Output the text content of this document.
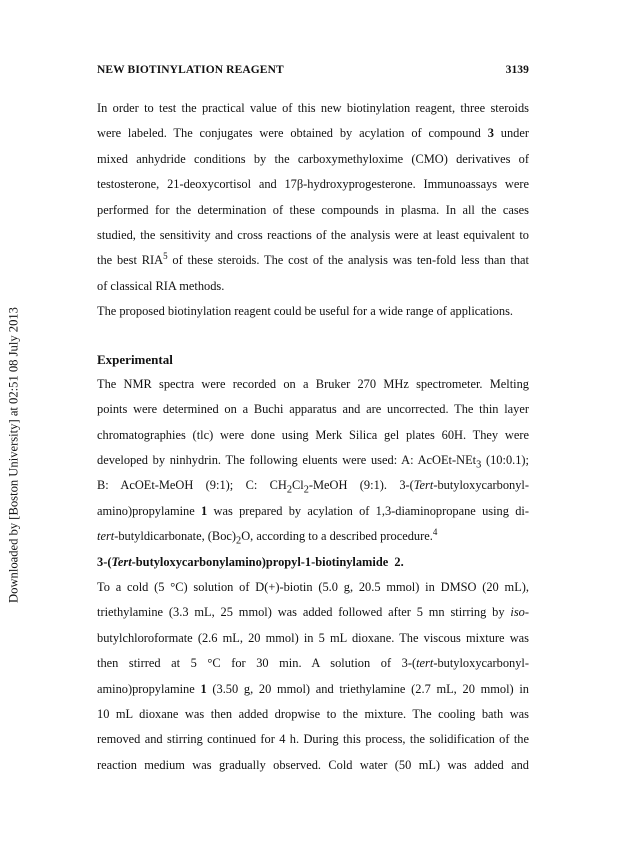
NEW BIOTINYLATION REAGENT	3139
Downloaded by [Boston University] at 02:51 08 July 2013
In order to test the practical value of this new biotinylation reagent, three steroids
were labeled. The conjugates were obtained by acylation of compound 3 under
mixed anhydride conditions by the carboxymethyloxime (CMO) derivatives of
testosterone, 21-deoxycortisol and 17β-hydroxyprogesterone. Immunoassays were
performed for the determination of these compounds in plasma. In all the cases
studied, the sensitivity and cross reactions of the analysis were at least equivalent to
the best RIA$^5$ of these steroids. The cost of the analysis was ten-fold less than that
of classical RIA methods.
The proposed biotinylation reagent could be useful for a wide range of applications.
Experimental
The NMR spectra were recorded on a Bruker 270 MHz spectrometer. Melting
points were determined on a Buchi apparatus and are uncorrected. The thin layer
chromatographies (tlc) were done using Merk Silica gel plates 60H. They were
developed by ninhydrin. The following eluents were used: A: AcOEt-NEt$_3$ (10:0.1);
B: AcOEt-MeOH (9:1); C: $CH_2Cl_2$-MeOH (9:1). 3-(Tert-butyloxycarbonyl-
amino)propylamine 1 was prepared by acylation of 1,3-diaminopropane using di-
tert-butyldicarbonate, $(Boc)_2O$, according to a described procedure.$^4$
3-(Tert-butyloxycarbonylamino)propyl-1-biotinylamide 2.
To a cold (5 °C) solution of D(+)-biotin (5.0 g, 20.5 mmol) in DMSO (20 mL),
triethylamine (3.3 mL, 25 mmol) was added followed after 5 mn stirring by iso-
butylchloroformate (2.6 mL, 20 mmol) in 5 mL dioxane. The viscous mixture was
then stirred at 5 °C for 30 min. A solution of 3-(tert-butyloxycarbonyl-
amino)propylamine 1 (3.50 g, 20 mmol) and triethylamine (2.7 mL, 20 mmol) in
10 mL dioxane was then added dropwise to the mixture. The cooling bath was
removed and stirring continued for 4 h. During this process, the solidification of the
reaction medium was gradually observed. Cold water (50 mL) was added and
